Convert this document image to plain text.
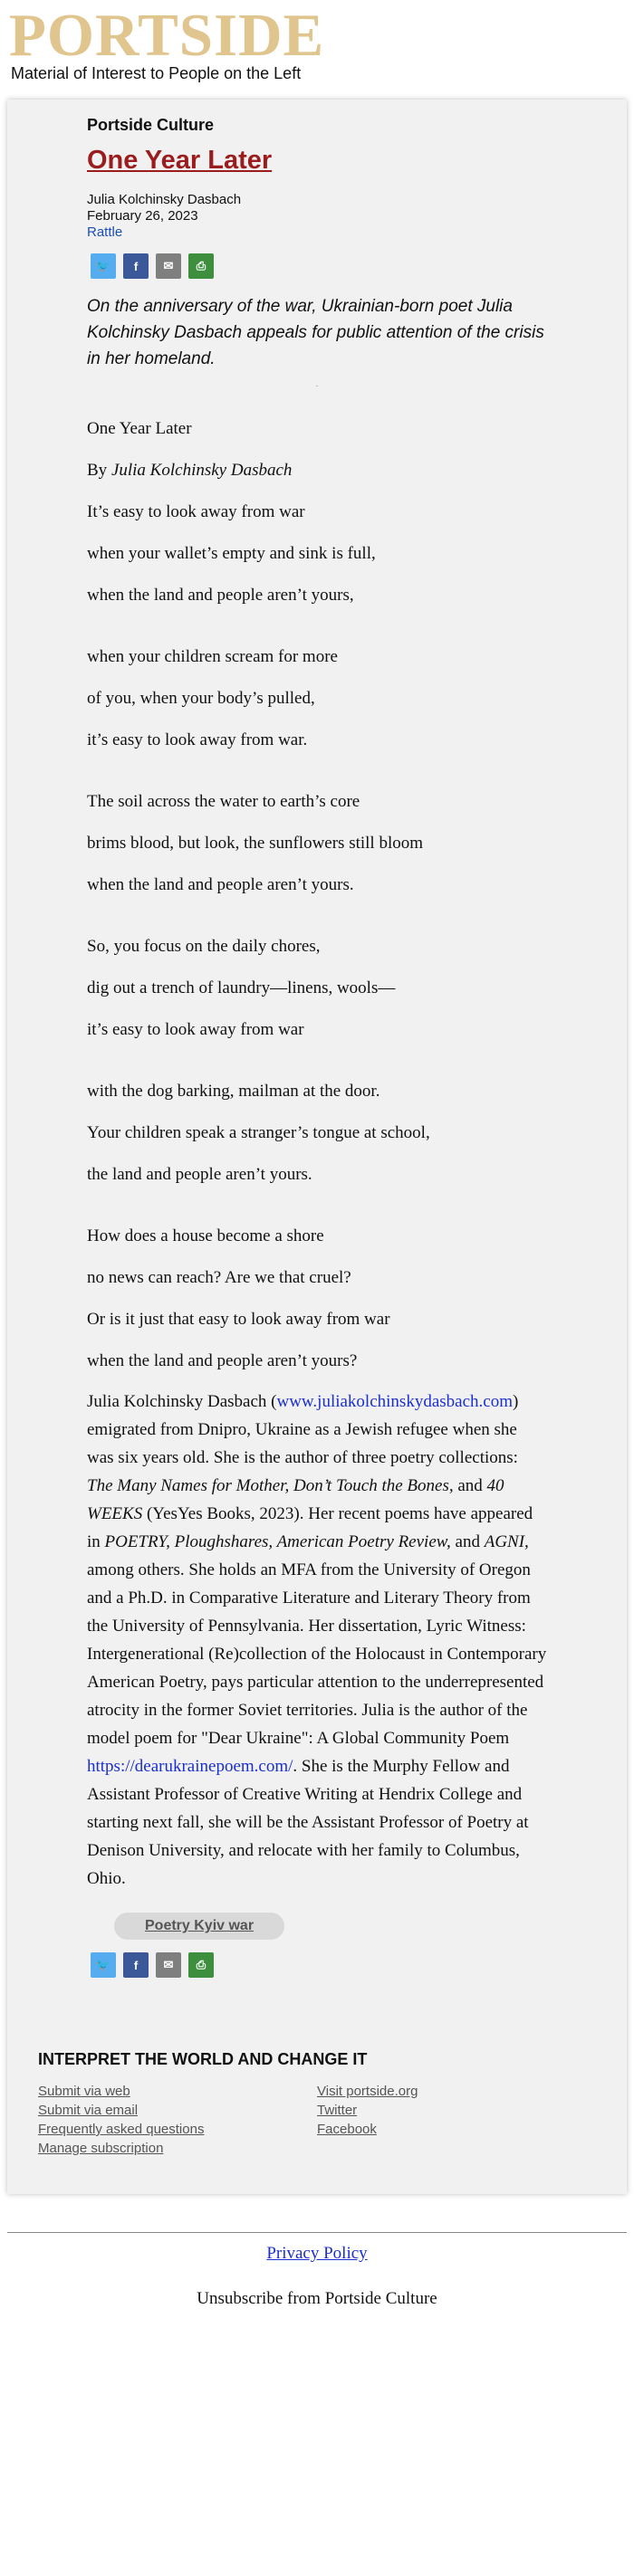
PORTSIDE
Material of Interest to People on the Left
Portside Culture
One Year Later
Julia Kolchinsky Dasbach
February 26, 2023
Rattle
🐦	f	✉	⎙

On the anniversary of the war, Ukrainian-born poet Julia Kolchinsky Dasbach appeals for public attention of the crisis in her homeland.

.

One Year Later

By Julia Kolchinsky Dasbach

It’s easy to look away from war

when your wallet’s empty and sink is full,

when the land and people aren’t yours,

when your children scream for more

of you, when your body’s pulled,

it’s easy to look away from war.

The soil across the water to earth’s core

brims blood, but look, the sunflowers still bloom

when the land and people aren’t yours.

So, you focus on the daily chores,

dig out a trench of laundry—linens, wools—

it’s easy to look away from war

with the dog barking, mailman at the door.

Your children speak a stranger’s tongue at school,

the land and people aren’t yours.

How does a house become a shore

no news can reach? Are we that cruel?

Or is it just that easy to look away from war

when the land and people aren’t yours?

Julia Kolchinsky Dasbach (www.juliakolchinskydasbach.com) emigrated from Dnipro, Ukraine as a Jewish refugee when she was six years old. She is the author of three poetry collections: The Many Names for Mother, Don’t Touch the Bones, and 40 WEEKS (YesYes Books, 2023). Her recent poems have appeared in POETRY, Ploughshares, American Poetry Review, and AGNI, among others. She holds an MFA from the University of Oregon and a Ph.D. in Comparative Literature and Literary Theory from the University of Pennsylvania. Her dissertation, Lyric Witness: Intergenerational (Re)collection of the Holocaust in Contemporary American Poetry, pays particular attention to the underrepresented atrocity in the former Soviet territories. Julia is the author of the model poem for "Dear Ukraine": A Global Community Poem https://dearukrainepoem.com/. She is the Murphy Fellow and Assistant Professor of Creative Writing at Hendrix College and starting next fall, she will be the Assistant Professor of Poetry at Denison University, and relocate with her family to Columbus, Ohio.
Poetry Kyiv war
🐦	f	✉	⎙
INTERPRET THE WORLD AND CHANGE IT
Submit via web
Submit via email
Frequently asked questions
Manage subscription
Visit portside.org
Twitter
Facebook
Privacy Policy
Unsubscribe from Portside Culture
